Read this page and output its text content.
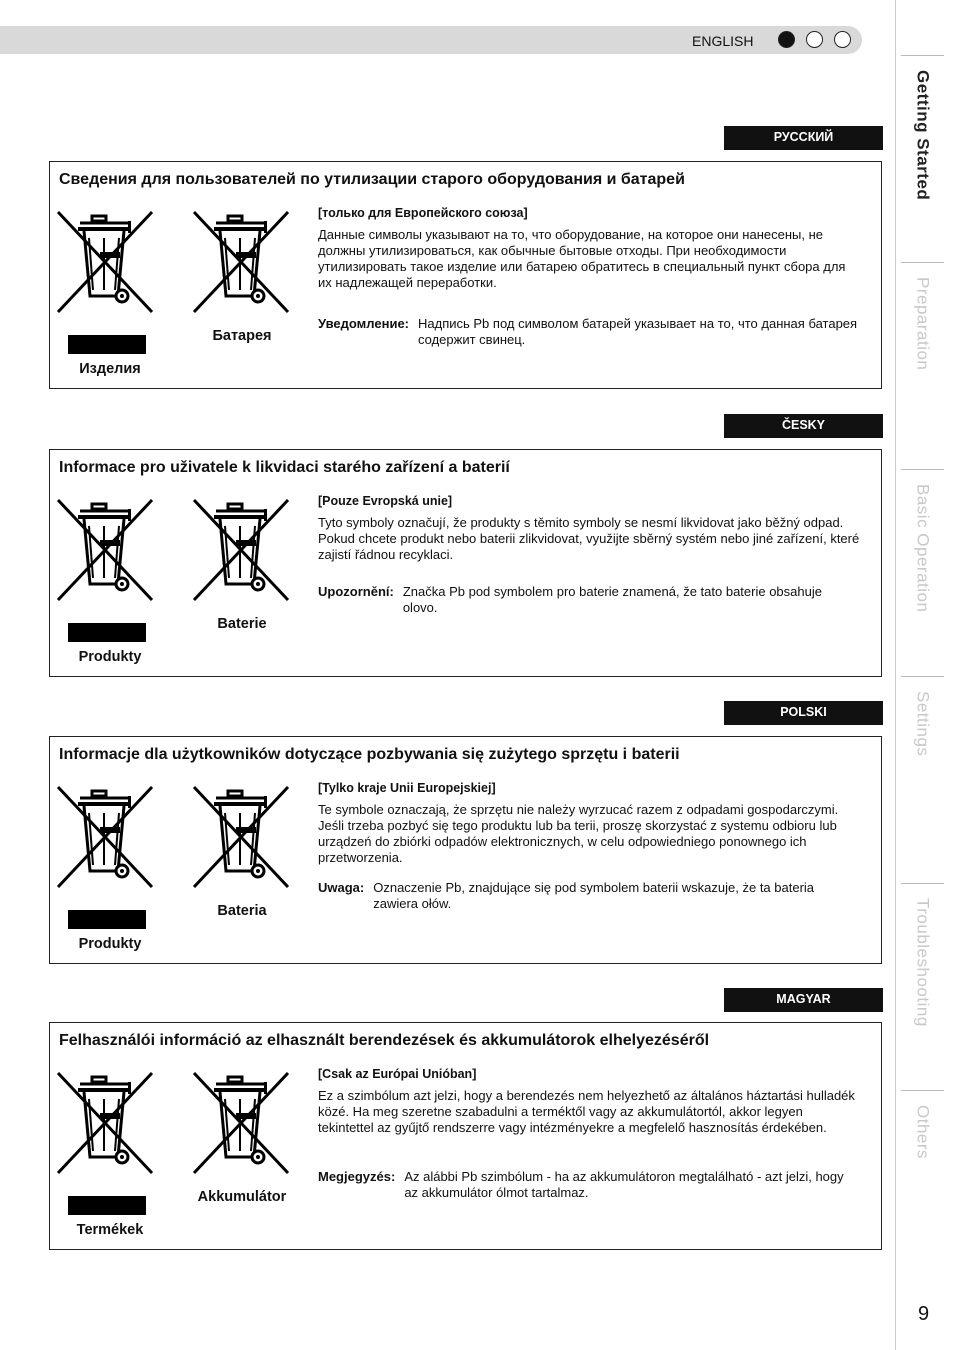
ENGLISH
Getting Started
Preparation
Basic Operation
Settings
Troubleshooting
Others
9
РУССКИЙ
Сведения для пользователей по утилизации старого оборудования и батарей
Изделия
Батарея
[только для Европейского союза]
Данные символы указывают на то, что оборудование, на которое они нанесены, не должны утилизироваться, как обычные бытовые отходы. При необходимости утилизировать такое изделие или батарею обратитесь в специальный пункт сбора для их надлежащей переработки.
Уведомление: Надпись Pb под символом батарей указывает на то, что данная батарея содержит свинец.
ČESKY
Informace pro uživatele k likvidaci starého zařízení a baterií
Produkty
Baterie
[Pouze Evropská unie]
Tyto symboly označují, že produkty s těmito symboly se nesmí likvidovat jako běžný odpad. Pokud chcete produkt nebo baterii zlikvidovat, využijte sběrný systém nebo jiné zařízení, které zajistí řádnou recyklaci.
Upozornění: Značka Pb pod symbolem pro baterie znamená, že tato baterie obsahuje olovo.
POLSKI
Informacje dla użytkowników dotyczące pozbywania się zużytego sprzętu i baterii
Produkty
Bateria
[Tylko kraje Unii Europejskiej]
Te symbole oznaczają, że sprzętu nie należy wyrzucać razem z odpadami gospodarczymi. Jeśli trzeba pozbyć się tego produktu lub ba terii, proszę skorzystać z systemu odbioru lub urządzeń do zbiórki odpadów elektronicznych, w celu odpowiedniego ponownego ich przetworzenia.
Uwaga: Oznaczenie Pb, znajdujące się pod symbolem baterii wskazuje, że ta bateria zawiera ołów.
MAGYAR
Felhasználói információ az elhasznált berendezések és akkumulátorok elhelyezéséről
Termékek
Akkumulátor
[Csak az Európai Unióban]
Ez a szimbólum azt jelzi, hogy a berendezés nem helyezhető az általános háztartási hulladék közé. Ha meg szeretne szabadulni a terméktől vagy az akkumulátortól, akkor legyen tekintettel az gyűjtő rendszerre vagy intézményekre a megfelelő hasznosítás érdekében.
Megjegyzés: Az alábbi Pb szimbólum - ha az akkumulátoron megtalálható - azt jelzi, hogy az akkumulátor ólmot tartalmaz.
